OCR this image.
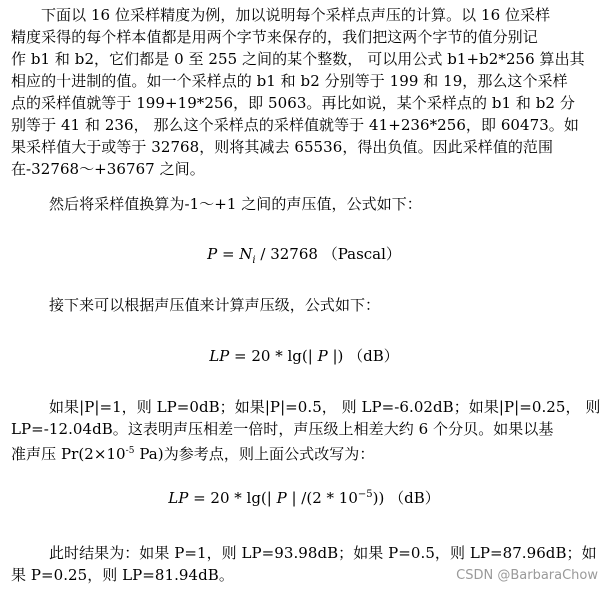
下面以 16 位采样精度为例，加以说明每个采样点声压的计算。以 16 位采样
精度采得的每个样本值都是用两个字节来保存的，我们把这两个字节的值分别记
作 b1 和 b2，它们都是 0 至 255 之间的某个整数， 可以用公式 b1+b2*256 算出其
相应的十进制的值。如一个采样点的 b1 和 b2 分别等于 199 和 19，那么这个采样
点的采样值就等于 199+19*256，即 5063。再比如说，某个采样点的 b1 和 b2 分
别等于 41 和 236， 那么这个采样点的采样值就等于 41+236*256，即 60473。如
果采样值大于或等于 32768，则将其减去 65536，得出负值。因此采样值的范围
在-32768～+36767 之间。
然后将采样值换算为-1～+1 之间的声压值，公式如下：
$P = N_i / 32768$ （Pascal）
接下来可以根据声压值来计算声压级，公式如下：
LP = 20 * lg(| P |) （dB）
如果|P|=1，则 LP=0dB；如果|P|=0.5， 则 LP=-6.02dB；如果|P|=0.25， 则
LP=-12.04dB。这表明声压相差一倍时，声压级上相差大约 6 个分贝。如果以基
准声压 $Pr(2\times 10^{-5}$ Pa)为参考点，则上面公式改写为：
LP = 20 * lg(| P | $/(2 * 10^{-5})$) （dB）
此时结果为：如果 P=1，则 LP=93.98dB；如果 P=0.5，则 LP=87.96dB；如
果 P=0.25，则 LP=81.94dB。	CSDN @BarbaraChow
